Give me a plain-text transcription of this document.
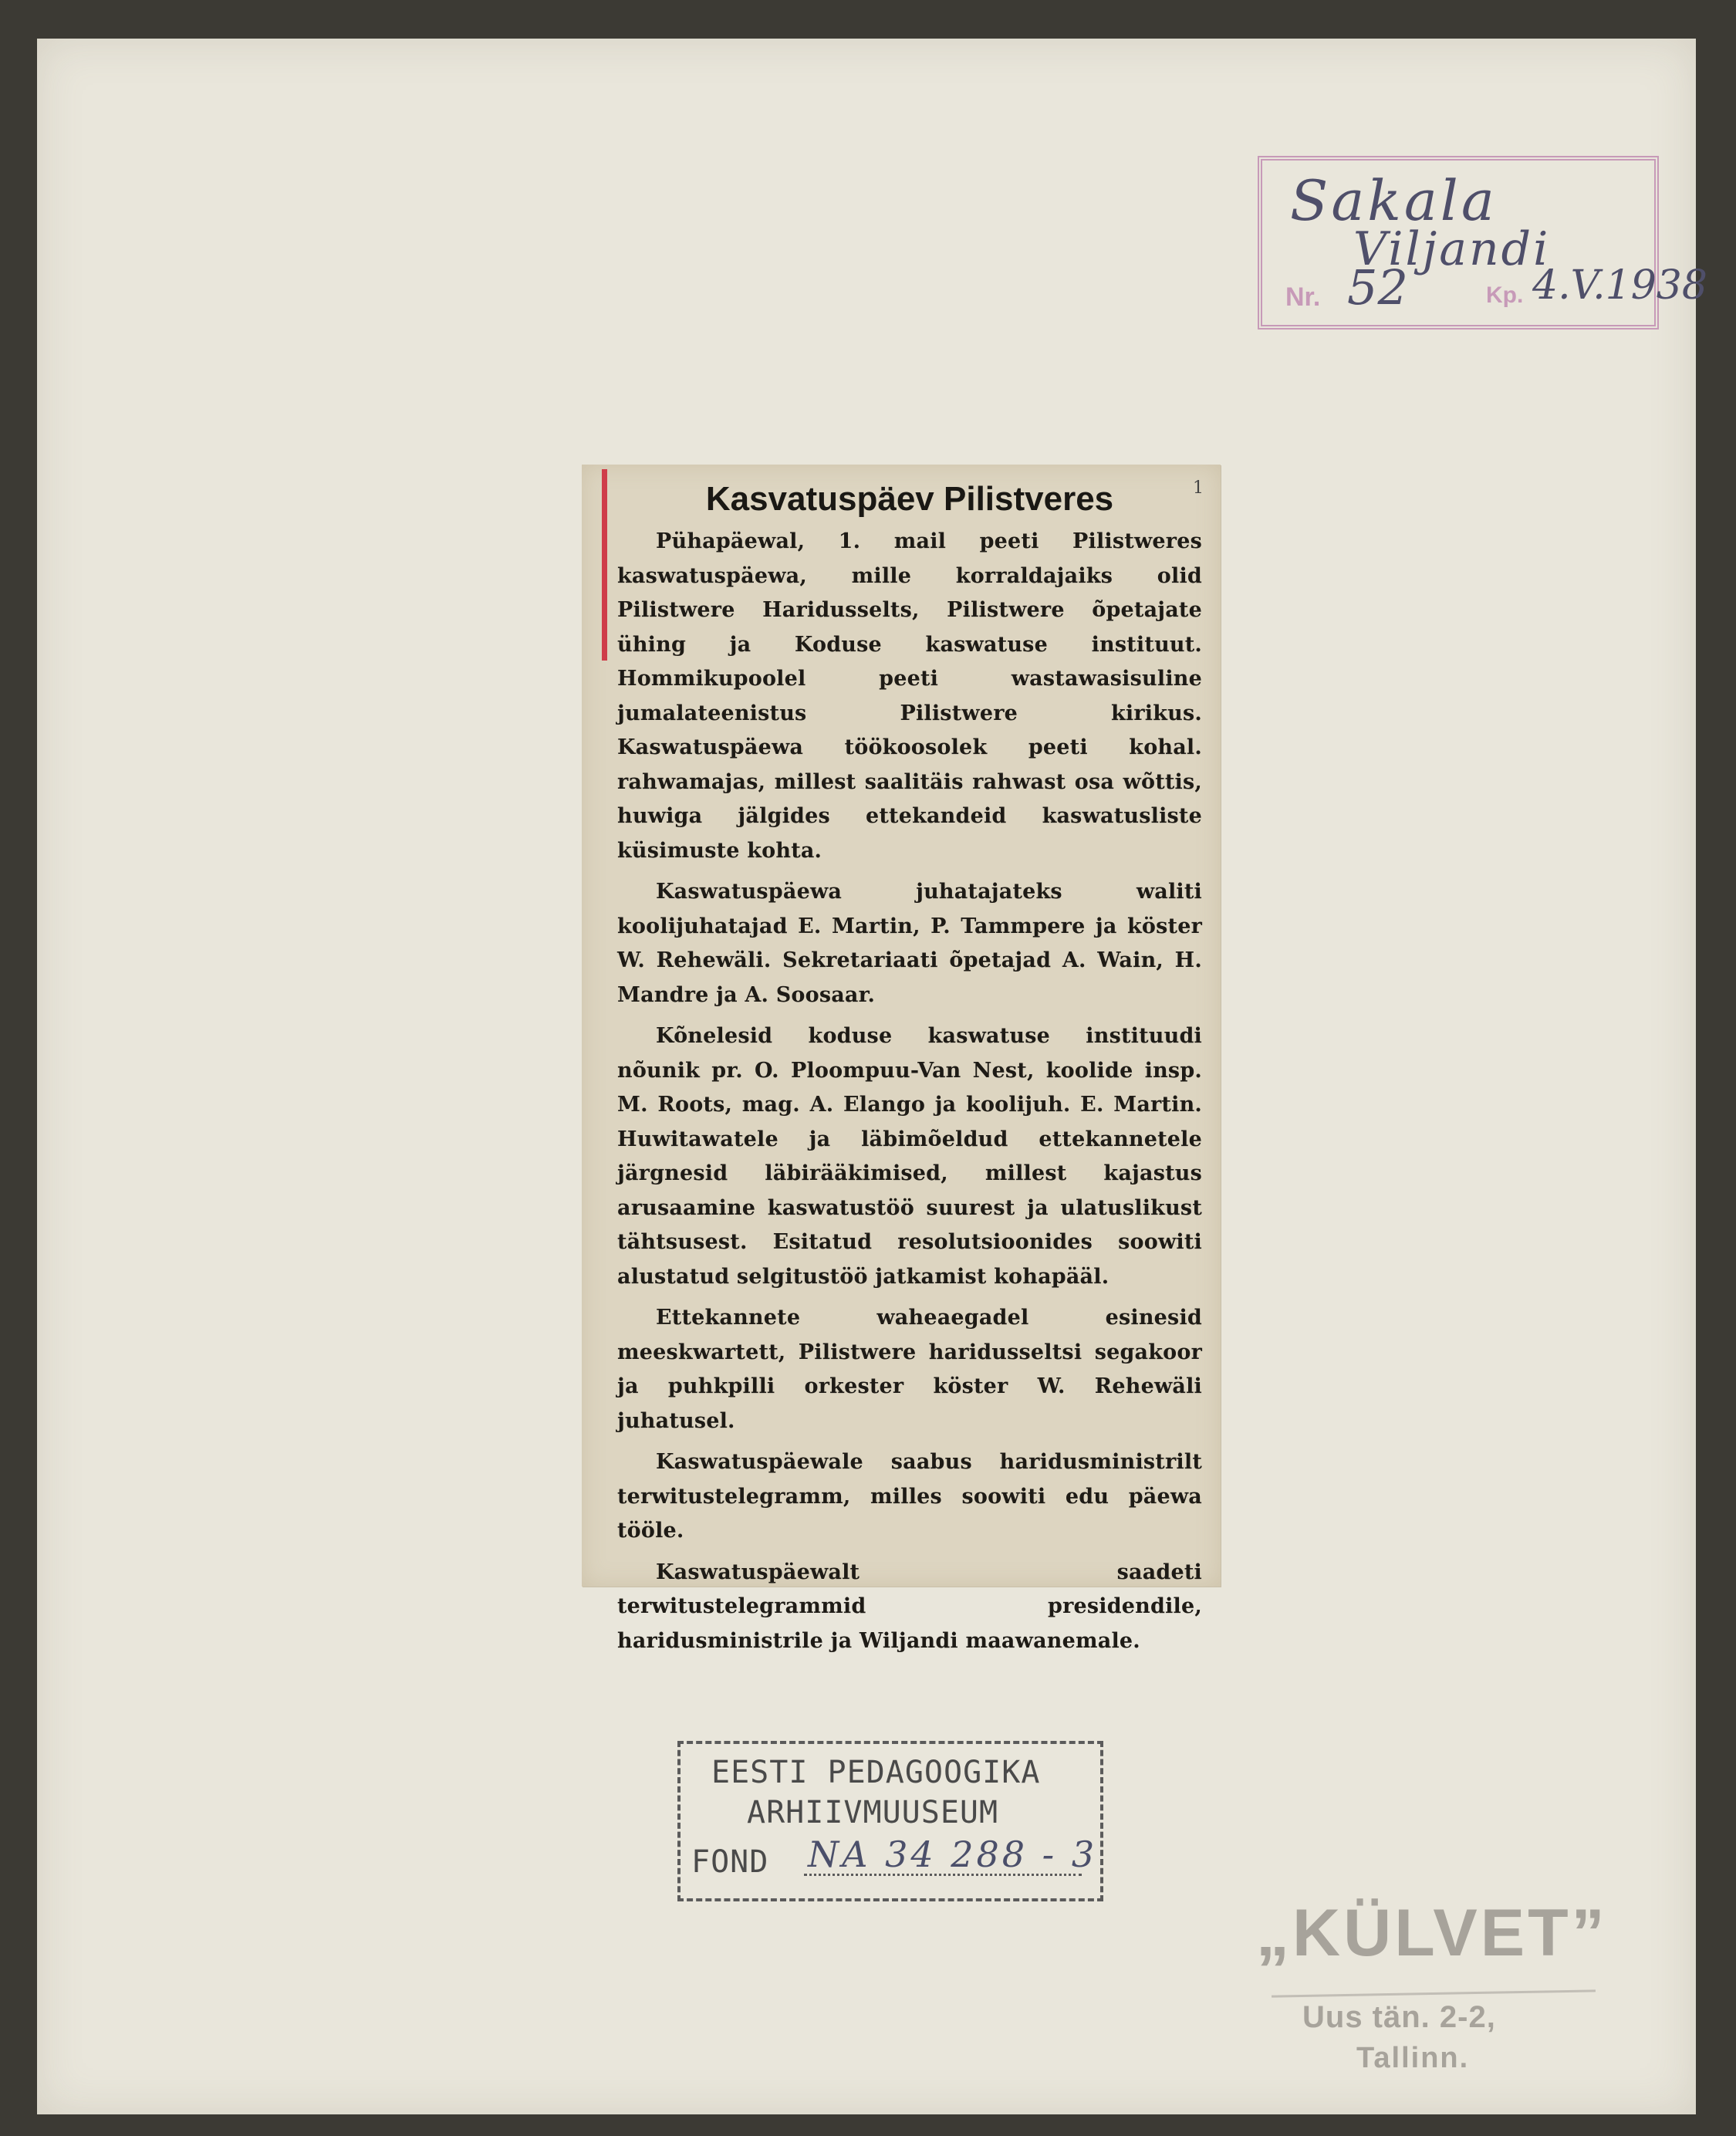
Sakala
Viljandi
Nr. 52	Kp. 4.V.1938
1
Kasvatuspäev Pilistveres

Pühapäewal, 1. mail peeti Pilistweres kaswatuspäewa, mille korraldajaiks olid Pilistwere Haridusselts, Pilistwere õpetajate ühing ja Koduse kaswatuse instituut. Hommikupoolel peeti wastawasisuline jumalateenistus Pilistwere kirikus. Kaswatuspäewa töökoosolek peeti kohal. rahwamajas, millest saalitäis rahwast osa wõttis, huwiga jälgides ettekandeid kaswatusliste küsimuste kohta.

Kaswatuspäewa juhatajateks waliti koolijuhatajad E. Martin, P. Tammpere ja köster W. Rehewäli. Sekretariaati õpetajad A. Wain, H. Mandre ja A. Soosaar.

Kõnelesid koduse kaswatuse instituudi nõunik pr. O. Ploompuu-Van Nest, koolide insp. M. Roots, mag. A. Elango ja koolijuh. E. Martin. Huwitawatele ja läbimõeldud ettekannetele järgnesid läbirääkimised, millest kajastus arusaamine kaswatustöö suurest ja ulatuslikust tähtsusest. Esitatud resolutsioonides soowiti alustatud selgitustöö jatkamist kohapääl.

Ettekannete waheaegadel esinesid meeskwartett, Pilistwere haridusseltsi segakoor ja puhkpilli orkester köster W. Rehewäli juhatusel.

Kaswatuspäewale saabus haridusministrilt terwitustelegramm, milles soowiti edu päewa tööle.

Kaswatuspäewalt saadeti terwitustelegrammid presidendile, haridusministrile ja Wiljandi maawanemale.

EESTI PEDAGOOGIKA
ARHIIVMUUSEUM
FOND NA 34 288 - 3
„KÜLVET”
Uus tän. 2-2,
Tallinn.
